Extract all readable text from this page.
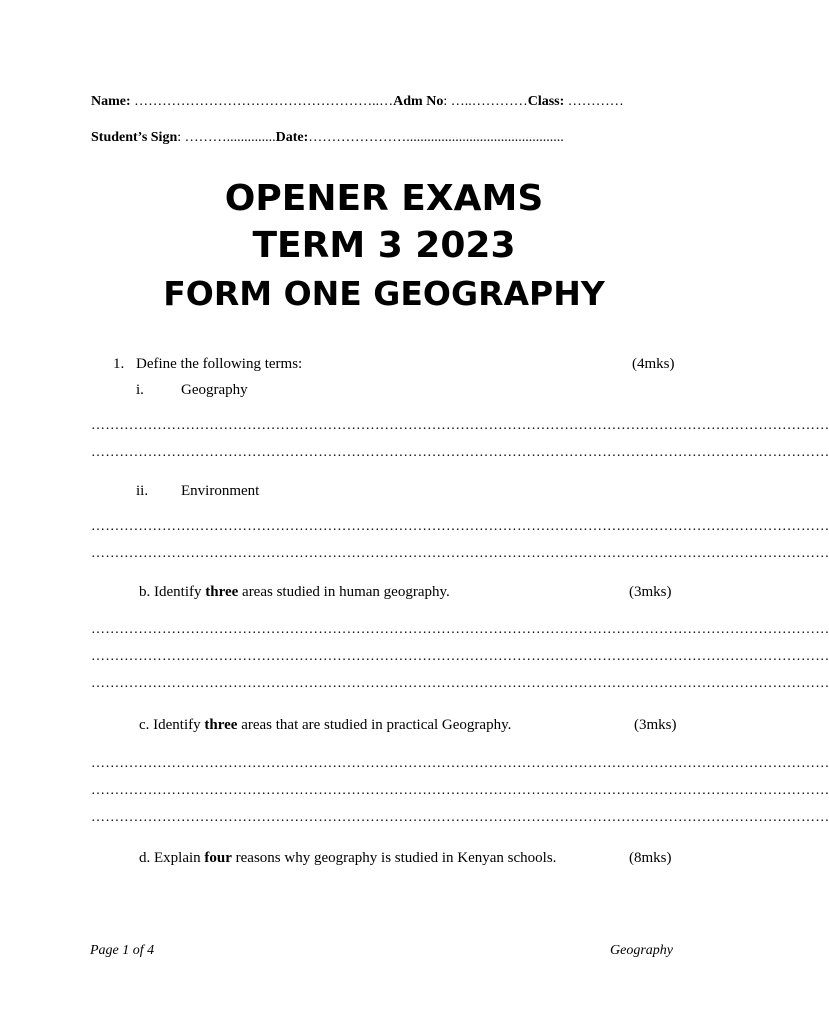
Name: ……………………………………………..…Adm No: …..…………Class: …………
Student’s Sign: ………..............Date:………………….............................................
OPENER EXAMS
TERM 3 2023
FORM ONE GEOGRAPHY
1. Define the following terms:	(4mks)
i. Geography
…………………………………………………………………………………………………………………………………………
…………………………………………………………………………………………………………………………………………
ii. Environment
…………………………………………………………………………………………………………………………………………
…………………………………………………………………………………………………………………………………………
b. Identify three areas studied in human geography.	(3mks)
…………………………………………………………………………………………………………………………………………
…………………………………………………………………………………………………………………………………………
…………………………………………………………………………………………………………………………………………
c. Identify three areas that are studied in practical Geography.	(3mks)
…………………………………………………………………………………………………………………………………………
…………………………………………………………………………………………………………………………………………
…………………………………………………………………………………………………………………………………………
d. Explain four reasons why geography is studied in Kenyan schools.	(8mks)
Page 1 of 4	Geography
